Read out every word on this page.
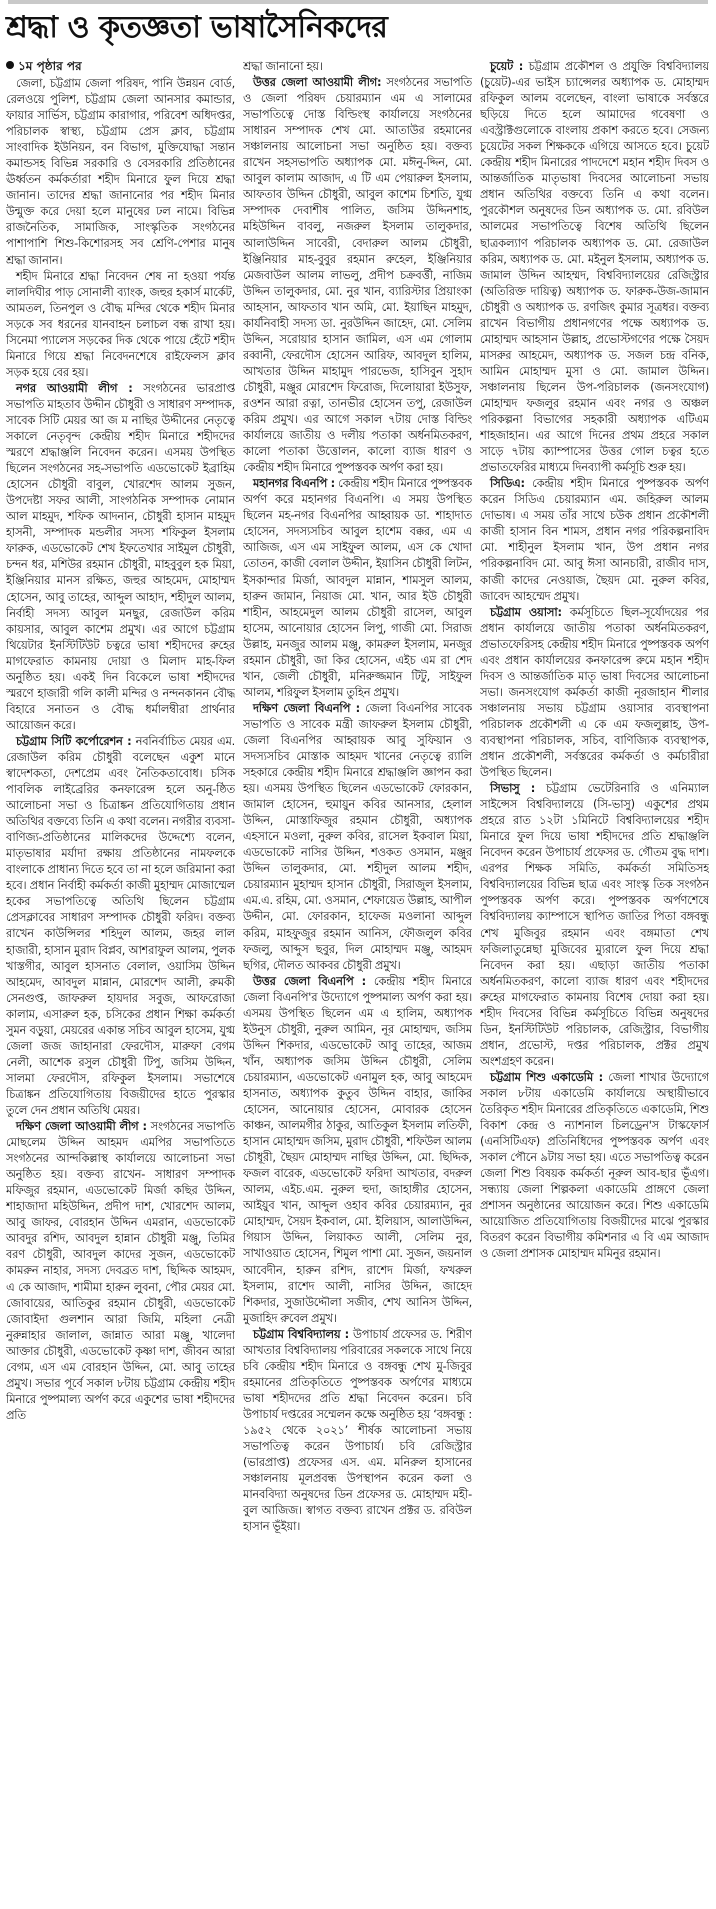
শ্রদ্ধা ও কৃতজ্ঞতা ভাষাসৈনিকদের
১ম পৃষ্ঠার পর

জেলা, চট্টগ্রাম জেলা পরিষদ, পানি উন্নয়ন বোর্ড, রেলওয়ে পুলিশ, চট্টগ্রাম জেলা আনসার কমান্ডার, ফায়ার সার্ভিস, চট্টগ্রাম কারাগার, পরিবেশ অধিদপ্তর, পরিচালক স্বাস্থ্য, চট্টগ্রাম প্রেস ক্লাব, চট্টগ্রাম সাংবাদিক ইউনিয়ন, বন বিভাগ, মুক্তিযোদ্ধা সন্তান কমান্ডসহ বিভিন্ন সরকারি ও বেসরকারি প্রতিষ্ঠানের ঊর্ধ্বতন কর্মকর্তারা শহীদ মিনারে ফুল দিয়ে শ্রদ্ধা জানান। তাদের শ্রদ্ধা জানানোর পর শহীদ মিনার উন্মুক্ত করে দেয়া হলে মানুষের ঢল নামে। বিভিন্ন রাজনৈতিক, সামাজিক, সাংস্কৃতিক সংগঠনের পাশাপাশি শিশু-কিশোরসহ সব শ্রেণি-পেশার মানুষ শ্রদ্ধা জানান।

শহীদ মিনারে শ্রদ্ধা নিবেদন শেষ না হওয়া পর্যন্ত লালদিঘীর পাড় সোনালী ব্যাংক, জহুর হকার্স মার্কেট, আমতল, তিনপুল ও বৌদ্ধ মন্দির থেকে শহীদ মিনার সড়কে সব ধরনের যানবাহন চলাচল বন্ধ রাখা হয়। সিনেমা প্যালেস সড়কের দিক থেকে পায়ে হেঁটে শহীদ মিনারে গিয়ে শ্রদ্ধা নিবেদনশেষে রাইফেলস ক্লাব সড়ক হয়ে বের হয়।

নগর আওয়ামী লীগ : সংগঠনের ভারপ্রাপ্ত সভাপতি মাহতাব উদ্দীন চৌধুরী ও সাধারণ সম্পাদক, সাবেক সিটি মেয়র আ জ ম নাছির উদ্দীনের নেতৃত্বে সকালে নেতৃবৃন্দ কেন্দ্রীয় শহীদ মিনারে শহীদদের স্মরণে শ্রদ্ধাঞ্জলি নিবেদন করেন। এসময় উপস্থিত ছিলেন সংগঠনের সহ-সভাপতি এডভোকেট ইব্রাহিম হোসেন চৌধুরী বাবুল, খোরশেদ আলম সুজন, উপদেষ্টা সফর আলী, সাংগঠনিক সম্পাদক নোমান আল মাহমুদ, শফিক আদনান, চৌধুরী হাসান মাহমুদ হাসনী, সম্পাদক মন্ডলীর সদস্য শফিকুল ইসলাম ফারুক, এডভোকেট শেখ ইফতেখার সাইমুল চৌধুরী, চন্দন ধর, মশিউর রহমান চৌধুরী, মাহবুবুল হক মিয়া, ইঞ্জিনিয়ার মানস রক্ষিত, জহুর আহমেদ, মোহাম্মদ হোসেন, আবু তাহের, আব্দুল আহাদ, শহীদুল আলম, নির্বাহী সদস্য আবুল মনছুর, রেজাউল করিম কায়সার, আবুল কাশেম প্রমুখ। এর আগে চট্টগ্রাম থিয়েটার ইনস্টিটিউট চত্বরে ভাষা শহীদদের রুহের মাগফেরাত কামনায় দোয়া ও মিলাদ মাহ-ফিল অনুষ্ঠিত হয়। একই দিন বিকেলে ভাষা শহীদদের স্মরণে হাজারী গলি কালী মন্দির ও নন্দনকানন বৌদ্ধ বিহারে সনাতন ও বৌদ্ধ ধর্মালম্বীরা প্রার্থনার আয়োজন করে।

চট্টগ্রাম সিটি কর্পোরেশন : নবনির্বাচিত মেয়র এম. রেজাউল করিম চৌধুরী বলেছেন একুশ মানে স্বাদেশকতা, দেশপ্রেম এবং নৈতিকতাবোধ। চসিক পাবলিক লাইব্রেরির কনফারেন্স হলে অনু-ষ্ঠিত আলোচনা সভা ও চিত্রাঙ্কন প্রতিযোগিতায় প্রধান অতিথির বক্তব্যে তিনি এ কথা বলেন। নগরীর ব্যবসা-বাণিজ্য-প্রতিষ্ঠানের মালিকদের উদ্দেশ্যে বলেন, মাতৃভাষার মর্যাদা রক্ষায় প্রতিষ্ঠানের নামফলকে বাংলাকে প্রাধান্য দিতে হবে তা না হলে জরিমানা করা হবে। প্রধান নির্বাহী কর্মকর্তা কাজী মুহাম্মদ মোজাম্মেল হকের সভাপতিত্বে অতিথি ছিলেন চট্টগ্রাম প্রেসক্লাবের সাধারণ সম্পাদক চৌধুরী ফরিদ। বক্তব্য রাখেন কাউন্সিলর শহিদুল আলম, জহর লাল হাজারী, হাসান মুরাদ বিপ্লব, আশরাফুল আলম, পুলক খাস্তগীর, আবুল হাসনাত বেলাল, ওয়াসিম উদ্দিন আহমেদ, আবদুল মান্নান, মোরশেদ আলী, রুমকী সেনগুপ্ত, জাফরুল হায়দার সবুজ, আফরোজা কালাম, এসারুল হক, চসিকের প্রধান শিক্ষা কর্মকর্তা সুমন বড়ুয়া, মেয়রের একান্ত সচিব আবুল হাসেম, যুগ্ম জেলা জজ জাহানারা ফেরদৌস, মারুফা বেগম নেলী, আশেক রসুল চৌধুরী টিপু, জসিম উদ্দিন, সালমা ফেরদৌস, রফিকুল ইসলাম। সভাশেষে চিত্রাঙ্কন প্রতিযোগিতায় বিজয়ীদের হাতে পুরস্কার তুলে দেন প্রধান অতিথি মেয়র।

দক্ষিণ জেলা আওয়ামী লীগ : সংগঠনের সভাপতি মোছলেম উদ্দিন আহমদ এমপির সভাপতিতে সংগঠনের আন্দকিল্লাস্থ কার্যালয়ে আলোচনা সভা অনুষ্ঠিত হয়। বক্তব্য রাখেন- সাধারণ সম্পাদক মফিজুর রহমান, এডভোকেট মির্জা কছির উদ্দিন, শাহাজাদা মহিউদ্দিন, প্রদীপ দাশ, খোরশেদ আলম, আবু জাফর, বোরহান উদ্দিন এমরান, এডভোকেট আবদুর রশিদ, আবদুল হান্নান চৌধুরী মঞ্জু, তিমির বরণ চৌধুরী, আবদুল কাদের সুজন, এডভোকেট কামরুন নাহার, সদস্য দেবব্রত দাশ, ছিদ্দিক আহমদ, এ কে আজাদ, শামীমা হারুন লুবনা, পৌর মেয়র মো. জোবায়ের, আতিকুর রহমান চৌধুরী, এডভোকেট জোবাইদা গুলশান আরা জিমি, মহিলা নেত্রী নুরুন্নাহার জালাল, জান্নাত আরা মঞ্জু, খালেদা আক্তার চৌধুরী, এডভোকেট কৃষ্ণা দাশ, জীবন আরা বেগম, এস এম বোরহান উদ্দিন, মো. আবু তাহের প্রমুখ। সভার পূর্বে সকাল ৮টায় চট্টগ্রাম কেন্দ্রীয় শহীদ মিনারে পুষ্পমাল্য অর্পণ করে একুশের ভাষা শহীদদের প্রতি

শ্রদ্ধা জানানো হয়।

উত্তর জেলা আওয়ামী লীগ: সংগঠনের সভাপতি ও জেলা পরিষদ চেয়ারম্যান এম এ সালামের সভাপতিত্বে দোস্ত বিল্ডিংস্থ কার্যালয়ে সংগঠনের সাধারন সম্পাদক শেখ মো. আতাউর রহমানের সঞ্চালনায় আলোচনা সভা অনুষ্ঠিত হয়। বক্তব্য রাখেন সহসভাপতি অধ্যাপক মো. মঈনু-দ্দিন, মো. আবুল কালাম আজাদ, এ টি এম পেয়ারুল ইসলাম, আফতাব উদ্দিন চৌধুরী, আবুল কাশেম চিশতি, যুগ্ম সম্পাদক দেবাশীষ পালিত, জসিম উদ্দিনশাহ, মহিউদ্দিন বাবলু, নজরুল ইসলাম তালুকদার, আলাউদ্দিন সাবেরী, বেদারুল আলম চৌধুরী, ইঞ্জিনিয়ার মাহ-বুবুর রহমান রুহেল, ইঞ্জিনিয়ার মেজবাউল আলম লাভলু, প্রদীপ চক্রবর্ত্তী, নাজিম উদ্দিন তালুকদার, মো. নুর খান, ব্যারিস্টার প্রিয়াংকা আহসান, আফতাব খান অমি, মো. ইয়াছিন মাহমুদ, কার্যনিবাহী সদস্য ডা. নুরউদ্দিন জাহেদ, মো. সেলিম উদ্দিন, সরোয়ার হাসান জামিল, এস এম গোলাম রব্বানী, ফেরদৌস হোসেন আরিফ, আবদুল হালিম, আখতার উদ্দিন মাহামুদ পারভেজ, হাসিবুন সুহাদ চৌধুরী, মঞ্জুর মোরশেদ ফিরোজ, দিলোয়ারা ইউসুফ, রওশন আরা রত্না, তানভীর হোসেন তপু, রেজাউল করিম প্রমুখ। এর আগে সকাল ৭টায় দোস্ত বিল্ডিং কার্যালয়ে জাতীয় ও দলীয় পতাকা অর্ধনমিতকরণ, কালো পতাকা উত্তোলন, কালো ব্যাজ ধারণ ও কেন্দ্রীয় শহীদ মিনারে পুষ্পস্তবক অর্পণ করা হয়।

মহানগর বিএনপি : কেন্দ্রীয় শহীদ মিনারে পুষ্পস্তবক অর্পণ করে মহানগর বিএনপি। এ সময় উপস্থিত ছিলেন মহ-নগর বিএনপির আহ্বায়ক ডা. শাহাদাত হোসেন, সদস্যসচিব আবুল হাশেম বক্কর, এম এ আজিজ, এস এম সাইফুল আলম, এস কে খোদা তোতন, কাজী বেলাল উদ্দীন, ইয়াসিন চৌধুরী লিটন, ইসকান্দার মির্জা, আবদুল মান্নান, শামসুল আলম, হারুন জামান, নিয়াজ মো. খান, আর ইউ চৌধুরী শাহীন, আহমেদুল আলম চৌধুরী রাসেল, আবুল হাসেম, আনোয়ার হোসেন লিপু, গাজী মো. সিরাজ উল্লাহ, মনজুর আলম মঞ্জু, কামরুল ইসলাম, মনজুর রহমান চৌধুরী, জা কির হোসেন, এইচ এম রা শেদ খান, জেলী চৌধুরী, মনিরুজ্জমান টিটু, সাইফুল আলম, শরিফুল ইসলাম তুহিন প্রমুখ।

দক্ষিণ জেলা বিএনপি : জেলা বিএনপির সাবেক সভাপতি ও সাবেক মন্ত্রী জাফরুল ইসলাম চৌধুরী, জেলা বিএনপির আহ্বায়ক আবু সুফিয়ান ও সদস্যসচিব মোস্তাক আহমদ খানের নেতৃত্বে র‌্যালি সহকারে কেন্দ্রীয় শহীদ মিনারে শ্রদ্ধাঞ্জলি জ্ঞাপন করা হয়। এসময় উপস্থিত ছিলেন এডভোকেট ফোরকান, জামাল হোসেন, হুমায়ুন কবির আনসার, হেলাল উদ্দিন, মোস্তাফিজুর রহমান চৌধুরী, অধ্যাপক এহসানে মওলা, নুরুল কবির, রাসেল ইকবাল মিয়া, এডভোকেট নাসির উদ্দিন, শওকত ওসমান, মঞ্জুর উদ্দিন তালুকদার, মো. শহীদুল আলম শহীদ, চেয়ারম্যান মুহাম্মদ হাসান চৌধুরী, সিরাজুল ইসলাম, এম.এ. রহিম, মো. ওসমান, শেফায়েত উল্লাহ, আপীল উদ্দীন, মো. ফোরকান, হাফেজ মওলানা আব্দুল করিম, মাহফুজুর রহমান আনিস, ফৌজলুল কবির ফজলু, আব্দুস ছবুর, দিল মোহাম্মদ মঞ্জু, আহমদ ছগির, দৌলত আকবর চৌধুরী প্রমুখ।

উত্তর জেলা বিএনপি : কেন্দ্রীয় শহীদ মিনারে জেলা বিএনপি'র উদ্যোগে পুষ্পমাল্য অর্পণ করা হয়। এসময় উপস্থিত ছিলেন এম এ হালিম, অধ্যাপক ইউনুস চৌধুরী, নুরুল আমিন, নূর মোহাম্মদ, জসিম উদ্দিন শিকদার, এডভোকেট আবু তাহের, আজম খাঁন, অধ্যাপক জসিম উদ্দিন চৌধুরী, সেলিম চেয়ারম্যান, এডভোকেট এনামুল হক, আবু আহমেদ হাসনাত, অধ্যাপক কুতুব উদ্দিন বাহার, জাকির হোসেন, আনোয়ার হোসেন, মোবারক হোসেন কাঞ্চন, আলমগীর ঠাকুর, আতিকুল ইসলাম লতিফী, হাসান মোহাম্মদ জসিম, মুরাদ চৌধুরী, শফিউল আলম চৌধূরী, ছৈয়দ মোহাম্মদ নাছির উদ্দিন, মো. ছিদ্দিক, ফজল বারেক, এডভোকেট ফরিদা আখতার, বদরুল আলম, এইচ.এম. নুরুল হুদা, জাহাঙ্গীর হোসেন, আইয়ুব খান, আব্দুল ওহাব কবির চেয়ারম্যান, নুর মোহাম্মদ, সৈয়দ ইকবাল, মো. ইলিয়াস, আলাউদ্দিন, গিয়াস উদ্দিন, লিয়াকত আলী, সেলিম নুর, সাখাওয়াত হোসেন, শিমুল পাশা মো. সুজন, জয়নাল আবেদীন, হারুন রশিদ, রাশেদ মির্জা, ফখরুল ইসলাম, রাশেদ আলী, নাসির উদ্দিন, জাহেদ শিকদার, সুজাউদ্দৌলা সজীব, শেখ আনিস উদ্দিন, মুজাহিদ রুবেল প্রমুখ।

চট্টগ্রাম বিশ্ববিদ্যালয় : উপাচার্য প্রফেসর ড. শিরীণ আখতার বিশ্ববিদ্যালয় পরিবারের সকলকে সাথে নিয়ে চবি কেন্দ্রীয় শহীদ মিনারে ও বঙ্গবন্ধু শেখ মু-জিবুর রহমানের প্রতিকৃতিতে পুষ্পস্তবক অর্পণের মাধ্যমে ভাষা শহীদদের প্রতি শ্রদ্ধা নিবেদন করেন। চবি উপাচার্য দপ্তরের সম্মেলন কক্ষে অনুষ্ঠিত হয় ‘বঙ্গবন্ধু : ১৯৫২ থেকে ২০২১’ শীর্ষক আলোচনা সভায় সভাপতিত্ব করেন উপাচার্য। চবি রেজিস্ট্রার (ভারপ্রাপ্ত) প্রফেসর এস. এম. মনিরুল হাসানের সঞ্চালনায় মূলপ্রবন্ধ উপস্থাপন করেন কলা ও মানববিদ্যা অনুষদের ডিন প্রফেসর ড. মোহাম্মদ মহী-বুল আজিজ। স্বাগত বক্তব্য রাখেন প্রক্টর ড. রবিউল হাসান ভূঁইয়া।

চুয়েট : চট্টগ্রাম প্রকৌশল ও প্রযুক্তি বিশ্ববিদ্যালয় (চুয়েট)-এর ভাইস চ্যান্সেলর অধ্যাপক ড. মোহাম্মদ রফিকুল আলম বলেছেন, বাংলা ভাষাকে সর্বস্তরে ছড়িয়ে দিতে হলে আমাদের গবেষণা ও এবস্ট্রাক্টগুলোকে বাংলায় প্রকাশ করতে হবে। সেজন্য চুয়েটের সকল শিক্ষককে এগিয়ে আসতে হবে। চুয়েট কেন্দ্রীয় শহীদ মিনারের পাদদেশে মহান শহীদ দিবস ও আন্তর্জাতিক মাতৃভাষা দিবসের আলোচনা সভায় প্রধান অতিথির বক্তব্যে তিনি এ কথা বলেন। পুরকৌশল অনুষদের ডিন অধ্যাপক ড. মো. রবিউল আলমের সভাপতিত্বে বিশেষ অতিথি ছিলেন ছাত্রকল্যাণ পরিচালক অধ্যাপক ড. মো. রেজাউল করিম, অধ্যাপক ড. মো. মইনুল ইসলাম, অধ্যাপক ড. জামাল উদ্দিন আহম্মদ, বিশ্ববিদ্যালয়ের রেজিস্ট্রার (অতিরিক্ত দায়িত্ব) অধ্যাপক ড. ফারুক-উজ-জামান চৌধুরী ও অধ্যাপক ড. রণজিৎ কুমার সূত্রধর। বক্তব্য রাখেন বিভাগীয় প্রধানগণের পক্ষে অধ্যাপক ড. মোহাম্মদ আহসান উল্লাহ, প্রভোস্টগণের পক্ষে সৈয়দ মাসরুর আহমেদ, অধ্যাপক ড. সজল চন্দ্র বনিক, আমিন মোহাম্মদ মুসা ও মো. জামাল উদ্দিন। সঞ্চালনায় ছিলেন উপ-পরিচালক (জনসংযোগ) মোহাম্মদ ফজলুর রহমান এবং নগর ও অঞ্চল পরিকল্পনা বিভাগের সহকারী অধ্যাপক এটিএম শাহজাহান। এর আগে দিনের প্রথম প্রহরে সকাল সাড়ে ৭টায় ক্যাম্পাসের উত্তর গোল চত্বর হতে প্রভাতফেরির মাধ্যমে দিনব্যাপী কর্মসূচি শুরু হয়।

সিডিএ: কেন্দ্রীয় শহীদ মিনারে পুষ্পস্তবক অর্পণ করেন সিডিএ চেয়ারম্যান এম. জহিরুল আলম দোভাষ। এ সময় তাঁর সাথে চউক প্রধান প্রকৌশলী কাজী হাসান বিন শামস, প্রধান নগর পরিকল্পনাবিদ মো. শাহীনুল ইসলাম খান, উপ প্রধান নগর পরিকল্পনাবিদ মো. আবু ঈসা আনচারী, রাজীব দাস, কাজী কাদের নেওয়াজ, ছৈয়দ মো. নুরুল কবির, জাবেদ আহম্মেদ প্রমুখ।

চট্টগ্রাম ওয়াসা: কর্মসূচিতে ছিল-সূর্যোদয়ের পর প্রধান কার্যালয়ে জাতীয় পতাকা অর্ধনমিতকরণ, প্রভাতফেরিসহ কেন্দ্রীয় শহীদ মিনারে পুষ্পস্তবক অর্পণ এবং প্রধান কার্যালয়ের কনফারেন্স রুমে মহান শহীদ দিবস ও আন্তর্জাতিক মাতৃ ভাষা দিবসের আলোচনা সভা। জনসংযোগ কর্মকর্তা কাজী নূরজাহান শীলার সঞ্চালনায় সভায় চট্টগ্রাম ওয়াসার ব্যবস্থাপনা পরিচালক প্রকৌশলী এ কে এম ফজলুল্লাহ, উপ-ব্যবস্থাপনা পরিচালক, সচিব, বাণিজ্যিক ব্যবস্থাপক, প্রধান প্রকৌশলী, সর্বস্তরের কর্মকর্তা ও কর্মচারীরা উপস্থিত ছিলেন।

সিভাসু : চট্টগ্রাম ভেটেরিনারি ও এনিম্যাল সাইন্সেস বিশ্ববিদ্যালয়ে (সি-ভাসু) একুশের প্রথম প্রহরে রাত ১২টা ১মিনিটে বিশ্ববিদ্যালয়ের শহীদ মিনারে ফুল দিয়ে ভাষা শহীদদের প্রতি শ্রদ্ধাঞ্জলি নিবেদন করেন উপাচার্য প্রফেসর ড. গৌতম বুদ্ধ দাশ। এরপর শিক্ষক সমিতি, কর্মকর্তা সমিতিসহ বিশ্ববিদ্যালয়ের বিভিন্ন ছাত্র এবং সাংস্কৃ তিক সংগঠন পুষ্পস্তবক অর্পণ করে। পুষ্পস্তবক অর্পণশেষে বিশ্ববিদ্যালয় ক্যাম্পাসে স্থাপিত জাতির পিতা বঙ্গবন্ধু শেখ মুজিবুর রহমান এবং বঙ্গমাতা শেখ ফজিলাতুন্নেছা মুজিবের ম্যুরালে ফুল দিয়ে শ্রদ্ধা নিবেদন করা হয়। এছাড়া জাতীয় পতাকা অর্ধনমিতকরণ, কালো ব্যাজ ধারণ এবং শহীদদের রুহের মাগফেরাত কামনায় বিশেষ দোয়া করা হয়। শহীদ দিবসের বিভিন্ন কর্মসূচিতে বিভিন্ন অনুষদের ডিন, ইনস্টিটিউট পরিচালক, রেজিস্ট্রার, বিভাগীয় প্রধান, প্রভোস্ট, দপ্তর পরিচালক, প্রক্টর প্রমুখ অংশগ্রহণ করেন।

চট্টগ্রাম শিশু একাডেমি : জেলা শাখার উদ্যোগে সকাল ৮টায় একাডেমি কার্যালয়ে অস্থায়ীভাবে তৈরিকৃত শহীদ মিনারের প্রতিকৃতিতে একাডেমি, শিশু বিকাশ কেন্দ্র ও ন্যাশনাল চিলড্রেন'স টাস্কফোর্স (এনসিটিএফ) প্রতিনিধিদের পুষ্পস্তবক অর্পণ এবং সকাল পৌনে ৯টায় সভা হয়। এতে সভাপতিত্ব করেন জেলা শিশু বিষয়ক কর্মকর্তা নূরুল আব-ছার ভূঁএগ। সন্ধ্যায় জেলা শিল্পকলা একাডেমি প্রাঙ্গণে জেলা প্রশাসন অনুষ্ঠানের আয়োজন করে। শিশু একাডেমি আয়োজিত প্রতিযোগিতায় বিজয়ীদের মাঝে পুরস্কার বিতরণ করেন বিভাগীয় কমিশনার এ বি এম আজাদ ও জেলা প্রশাসক মোহাম্মদ মমিনুর রহমান।
